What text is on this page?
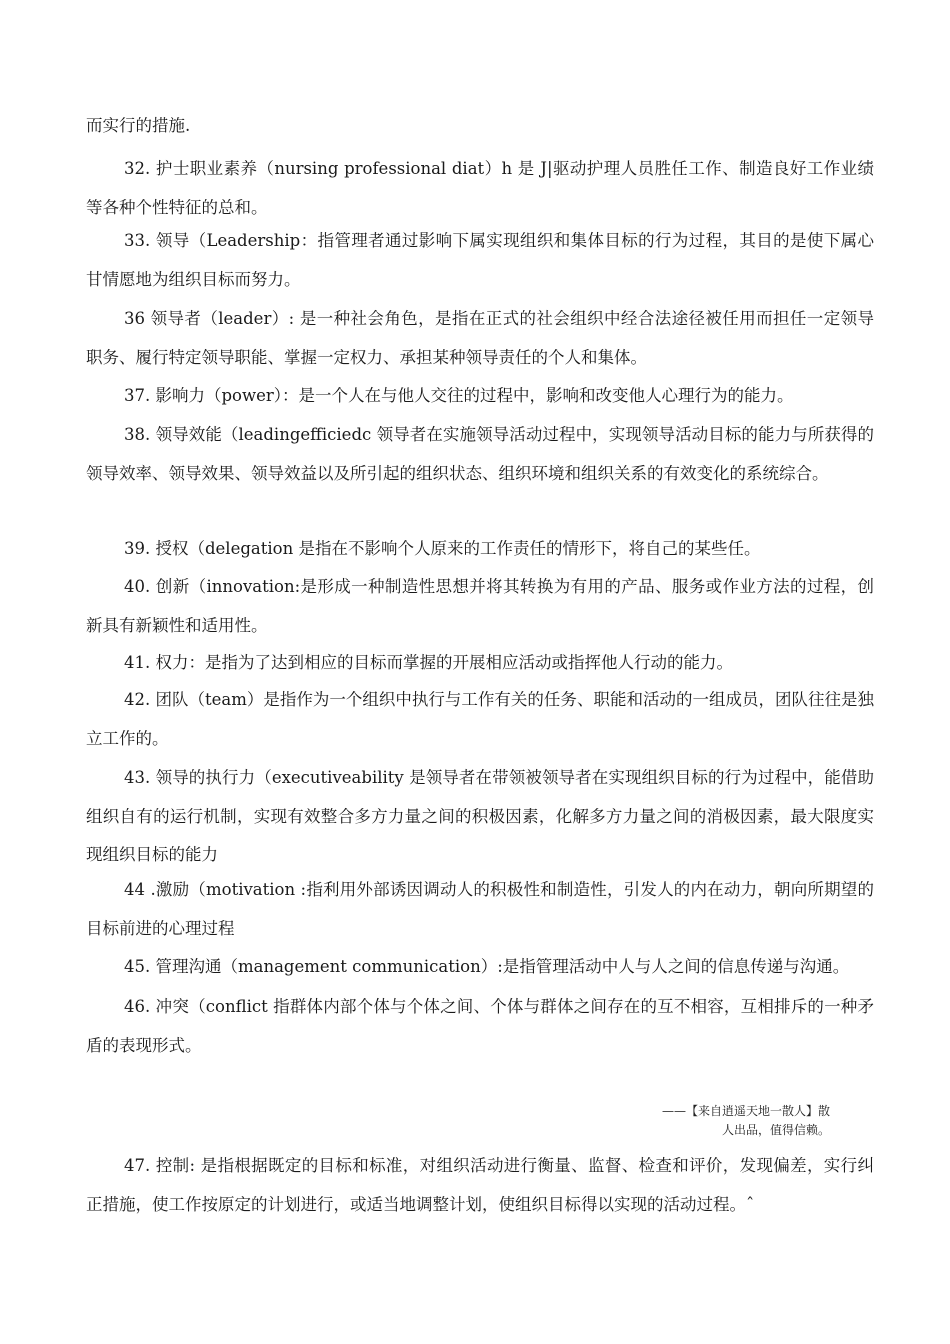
而实行的措施.

32. 护士职业素养（nursing professional diat）h 是 J|驱动护理人员胜任工作、制造良好工作业绩等各种个性特征的总和。

33. 领导（Leadership：指管理者通过影响下属实现组织和集体目标的行为过程，其目的是使下属心甘情愿地为组织目标而努力。

36 领导者（leader）: 是一种社会角色，是指在正式的社会组织中经合法途径被任用而担任一定领导职务、履行特定领导职能、掌握一定权力、承担某种领导责任的个人和集体。

37. 影响力（power）：是一个人在与他人交往的过程中，影响和改变他人心理行为的能力。

38. 领导效能（leadingefficiedc 领导者在实施领导活动过程中，实现领导活动目标的能力与所获得的领导效率、领导效果、领导效益以及所引起的组织状态、组织环境和组织关系的有效变化的系统综合。

39. 授权（delegation 是指在不影响个人原来的工作责任的情形下，将自己的某些任。

40. 创新（innovation:是形成一种制造性思想并将其转换为有用的产品、服务或作业方法的过程，创新具有新颖性和适用性。

41. 权力：是指为了达到相应的目标而掌握的开展相应活动或指挥他人行动的能力。

42. 团队（team）是指作为一个组织中执行与工作有关的任务、职能和活动的一组成员，团队往往是独立工作的。

43. 领导的执行力（executiveability 是领导者在带领被领导者在实现组织目标的行为过程中，能借助组织自有的运行机制，实现有效整合多方力量之间的积极因素，化解多方力量之间的消极因素，最大限度实现组织目标的能力

44 .激励（motivation :指利用外部诱因调动人的积极性和制造性，引发人的内在动力，朝向所期望的目标前进的心理过程

45. 管理沟通（management communication）:是指管理活动中人与人之间的信息传递与沟通。

46. 冲突（conflict 指群体内部个体与个体之间、个体与群体之间存在的互不相容，互相排斥的一种矛盾的表现形式。

——【来自逍遥天地一散人】散
人出品，值得信赖。

47. 控制: 是指根据既定的目标和标准，对组织活动进行衡量、监督、检查和评价，发现偏差，实行纠正措施，使工作按原定的计划进行，或适当地调整计划，使组织目标得以实现的活动过程。ˆ
